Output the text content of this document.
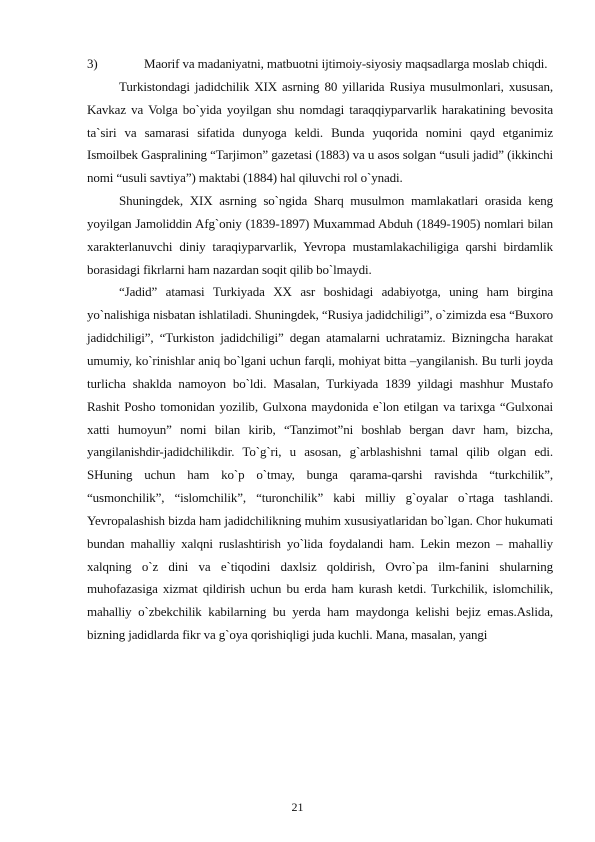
3)	Maorif va madaniyatni, matbuotni ijtimoiy-siyosiy maqsadlarga moslab chiqdi.

Turkistondagi jadidchilik XIX asrning 80 yillarida Rusiya musulmonlari, xususan, Kavkaz va Volga bo`yida yoyilgan shu nomdagi taraqqiyparvarlik harakatining bevosita ta`siri va samarasi sifatida dunyoga keldi. Bunda yuqorida nomini qayd etganimiz Ismoilbek Gaspralining “Tarjimon” gazetasi (1883) va u asos solgan “usuli jadid” (ikkinchi nomi “usuli savtiya”) maktabi (1884) hal qiluvchi rol o`ynadi.

Shuningdek, XIX asrning so`ngida Sharq musulmon mamlakatlari orasida keng yoyilgan Jamoliddin Afg`oniy (1839-1897) Muxammad Abduh (1849-1905) nomlari bilan xarakterlanuvchi diniy taraqiyparvarlik, Yevropa mustamlakachiligiga qarshi birdamlik borasidagi fikrlarni ham nazardan soqit qilib bo`lmaydi.

“Jadid” atamasi Turkiyada XX asr boshidagi adabiyotga, uning ham birgina yo`nalishiga nisbatan ishlatiladi. Shuningdek, “Rusiya jadidchiligi”, o`zimizda esa “Buxoro jadidchiligi”, “Turkiston jadidchiligi” degan atamalarni uchratamiz. Bizningcha harakat umumiy, ko`rinishlar aniq bo`lgani uchun farqli, mohiyat bitta –yangilanish. Bu turli joyda turlicha shaklda namoyon bo`ldi. Masalan, Turkiyada 1839 yildagi mashhur Mustafo Rashit Posho tomonidan yozilib, Gulxona maydonida e`lon etilgan va tarixga “Gulxonai xatti humoyun” nomi bilan kirib, “Tanzimot”ni boshlab bergan davr ham, bizcha, yangilanishdir-jadidchilikdir. To`g`ri, u asosan, g`arblashishni tamal qilib olgan edi. SHuning uchun ham ko`p o`tmay, bunga qarama-qarshi ravishda “turkchilik”, “usmonchilik”, “islomchilik”, “turonchilik” kabi milliy g`oyalar o`rtaga tashlandi. Yevropalashish bizda ham jadidchilikning muhim xususiyatlaridan bo`lgan. Chor hukumati bundan mahalliy xalqni ruslashtirish yo`lida foydalandi ham. Lekin mezon – mahalliy xalqning o`z dini va e`tiqodini daxlsiz qoldirish, Ovro`pa ilm-fanini shularning muhofazasiga xizmat qildirish uchun bu erda ham kurash ketdi. Turkchilik, islomchilik, mahalliy o`zbekchilik kabilarning bu yerda ham maydonga kelishi bejiz emas.Aslida, bizning jadidlarda fikr va g`oya qorishiqligi juda kuchli. Mana, masalan, yangi

21
